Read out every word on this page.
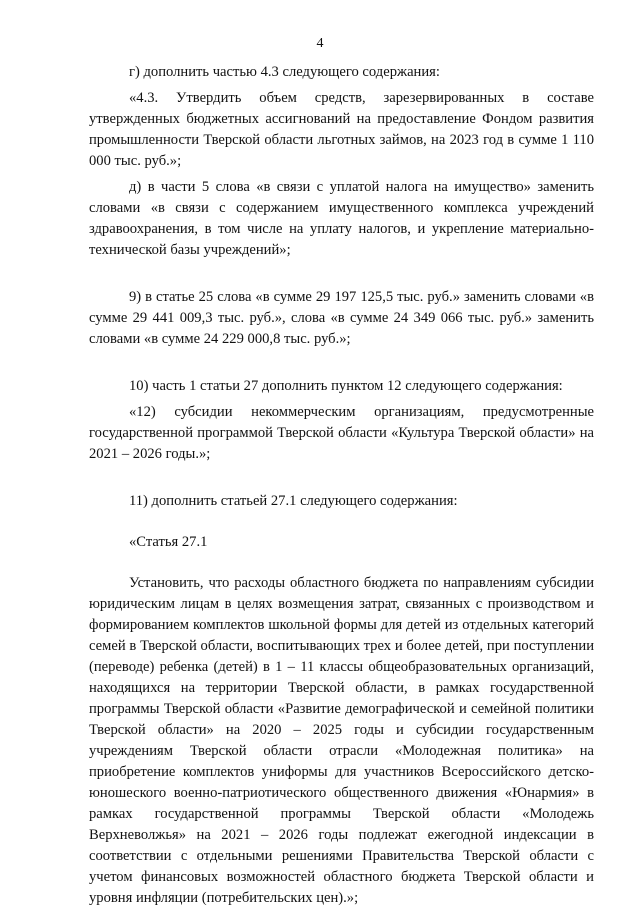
4

г) дополнить частью 4.3 следующего содержания:

«4.3. Утвердить объем средств, зарезервированных в составе утвержденных бюджетных ассигнований на предоставление Фондом развития промышленности Тверской области льготных займов, на 2023 год в сумме 1 110 000 тыс. руб.»;

д) в части 5 слова «в связи с уплатой налога на имущество» заменить словами «в связи с содержанием имущественного комплекса учреждений здравоохранения, в том числе на уплату налогов, и укрепление материально-технической базы учреждений»;

9) в статье 25 слова «в сумме 29 197 125,5 тыс. руб.» заменить словами «в сумме 29 441 009,3 тыс. руб.», слова «в сумме 24 349 066 тыс. руб.» заменить словами «в сумме 24 229 000,8 тыс. руб.»;

10) часть 1 статьи 27 дополнить пунктом 12 следующего содержания:

«12) субсидии некоммерческим организациям, предусмотренные государственной программой Тверской области «Культура Тверской области» на 2021 – 2026 годы.»;

11) дополнить статьей 27.1 следующего содержания:

«Статья 27.1

Установить, что расходы областного бюджета по направлениям субсидии юридическим лицам в целях возмещения затрат, связанных с производством и формированием комплектов школьной формы для детей из отдельных категорий семей в Тверской области, воспитывающих трех и более детей, при поступлении (переводе) ребенка (детей) в 1 – 11 классы общеобразовательных организаций, находящихся на территории Тверской области, в рамках государственной программы Тверской области «Развитие демографической и семейной политики Тверской области» на 2020 – 2025 годы и субсидии государственным учреждениям Тверской области отрасли «Молодежная политика» на приобретение комплектов униформы для участников Всероссийского детско-юношеского военно-патриотического общественного движения «Юнармия» в рамках государственной программы Тверской области «Молодежь Верхневолжья» на 2021 – 2026 годы подлежат ежегодной индексации в соответствии с отдельными решениями Правительства Тверской области с учетом финансовых возможностей областного бюджета Тверской области и уровня инфляции (потребительских цен).»;
